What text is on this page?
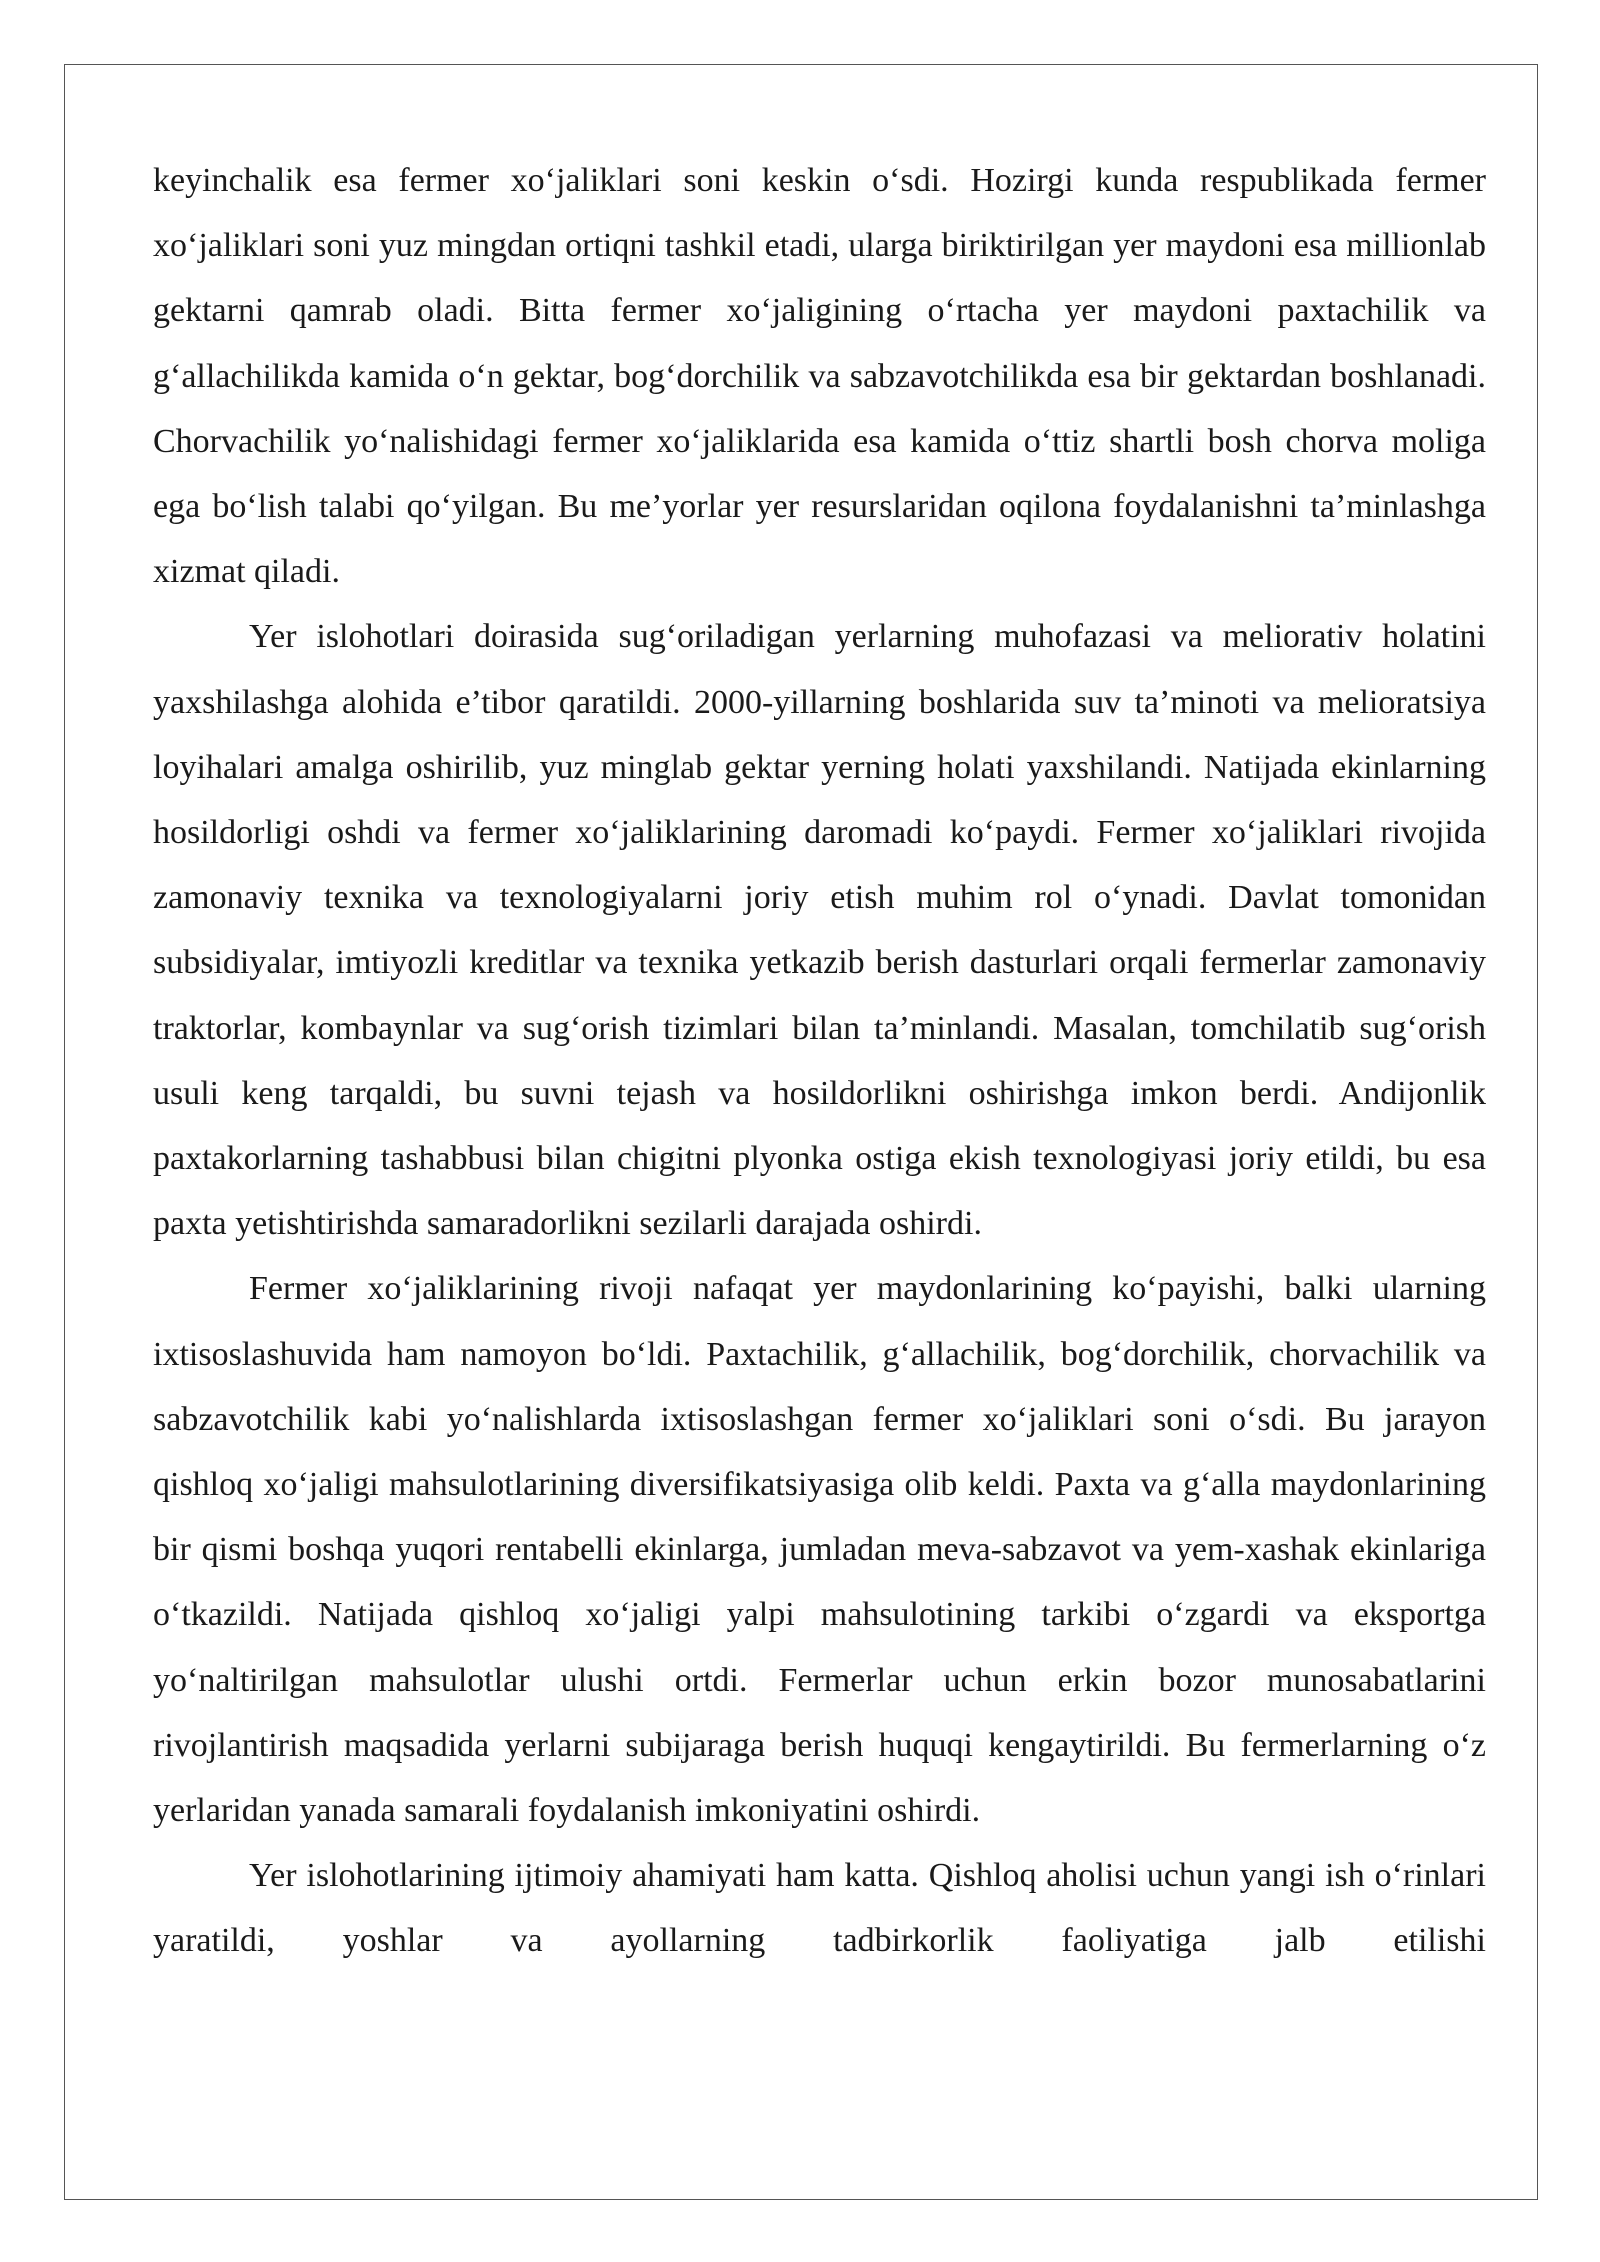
keyinchalik esa fermer xoʻjaliklari soni keskin oʻsdi. Hozirgi kunda respublikada fermer xoʻjaliklari soni yuz mingdan ortiqni tashkil etadi, ularga biriktirilgan yer maydoni esa millionlab gektarni qamrab oladi. Bitta fermer xoʻjaligining oʻrtacha yer maydoni paxtachilik va gʻallachilikda kamida oʻn gektar, bogʻdorchilik va sabzavotchilikda esa bir gektardan boshlanadi. Chorvachilik yoʻnalishidagi fermer xoʻjaliklarida esa kamida oʻttiz shartli bosh chorva moliga ega boʻlish talabi qoʻyilgan. Bu me’yorlar yer resurslaridan oqilona foydalanishni ta’minlashga xizmat qiladi.

Yer islohotlari doirasida sugʻoriladigan yerlarning muhofazasi va meliorativ holatini yaxshilashga alohida e’tibor qaratildi. 2000-yillarning boshlarida suv ta’minoti va melioratsiya loyihalari amalga oshirilib, yuz minglab gektar yerning holati yaxshilandi. Natijada ekinlarning hosildorligi oshdi va fermer xoʻjaliklarining daromadi koʻpaydi. Fermer xoʻjaliklari rivojida zamonaviy texnika va texnologiyalarni joriy etish muhim rol oʻynadi. Davlat tomonidan subsidiyalar, imtiyozli kreditlar va texnika yetkazib berish dasturlari orqali fermerlar zamonaviy traktorlar, kombaynlar va sugʻorish tizimlari bilan ta’minlandi. Masalan, tomchilatib sugʻorish usuli keng tarqaldi, bu suvni tejash va hosildorlikni oshirishga imkon berdi. Andijonlik paxtakorlarning tashabbusi bilan chigitni plyonka ostiga ekish texnologiyasi joriy etildi, bu esa paxta yetishtirishda samaradorlikni sezilarli darajada oshirdi.

Fermer xoʻjaliklarining rivoji nafaqat yer maydonlarining koʻpayishi, balki ularning ixtisoslashuvida ham namoyon boʻldi. Paxtachilik, gʻallachilik, bogʻdorchilik, chorvachilik va sabzavotchilik kabi yoʻnalishlarda ixtisoslashgan fermer xoʻjaliklari soni oʻsdi. Bu jarayon qishloq xoʻjaligi mahsulotlarining diversifikatsiyasiga olib keldi. Paxta va gʻalla maydonlarining bir qismi boshqa yuqori rentabelli ekinlarga, jumladan meva-sabzavot va yem-xashak ekinlariga oʻtkazildi. Natijada qishloq xoʻjaligi yalpi mahsulotining tarkibi oʻzgardi va eksportga yoʻnaltirilgan mahsulotlar ulushi ortdi. Fermerlar uchun erkin bozor munosabatlarini rivojlantirish maqsadida yerlarni subijaraga berish huquqi kengaytirildi. Bu fermerlarning oʻz yerlaridan yanada samarali foydalanish imkoniyatini oshirdi.

Yer islohotlarining ijtimoiy ahamiyati ham katta. Qishloq aholisi uchun yangi ish oʻrinlari yaratildi, yoshlar va ayollarning tadbirkorlik faoliyatiga jalb etilishi
